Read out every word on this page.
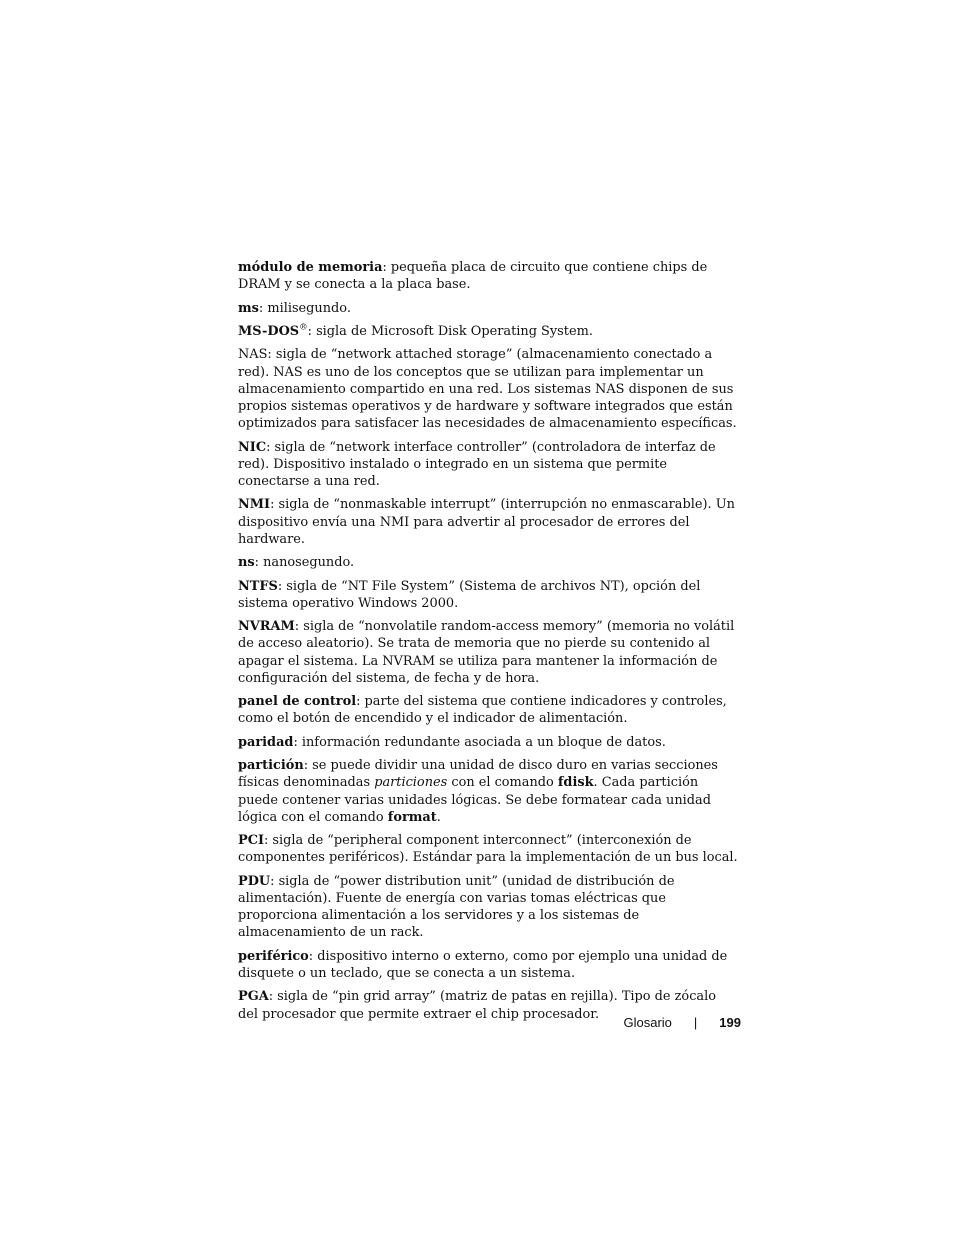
módulo de memoria: pequeña placa de circuito que contiene chips de DRAM y se conecta a la placa base.

ms: milisegundo.

MS-DOS®: sigla de Microsoft Disk Operating System.

NAS: sigla de “network attached storage” (almacenamiento conectado a red). NAS es uno de los conceptos que se utilizan para implementar un almacenamiento compartido en una red. Los sistemas NAS disponen de sus propios sistemas operativos y de hardware y software integrados que están optimizados para satisfacer las necesidades de almacenamiento específicas.

NIC: sigla de “network interface controller” (controladora de interfaz de red). Dispositivo instalado o integrado en un sistema que permite conectarse a una red.

NMI: sigla de “nonmaskable interrupt” (interrupción no enmascarable). Un dispositivo envía una NMI para advertir al procesador de errores del hardware.

ns: nanosegundo.

NTFS: sigla de “NT File System” (Sistema de archivos NT), opción del sistema operativo Windows 2000.

NVRAM: sigla de “nonvolatile random-access memory” (memoria no volátil de acceso aleatorio). Se trata de memoria que no pierde su contenido al apagar el sistema. La NVRAM se utiliza para mantener la información de configuración del sistema, de fecha y de hora.

panel de control: parte del sistema que contiene indicadores y controles, como el botón de encendido y el indicador de alimentación.

paridad: información redundante asociada a un bloque de datos.

partición: se puede dividir una unidad de disco duro en varias secciones físicas denominadas particiones con el comando fdisk. Cada partición puede contener varias unidades lógicas. Se debe formatear cada unidad lógica con el comando format.

PCI: sigla de “peripheral component interconnect” (interconexión de componentes periféricos). Estándar para la implementación de un bus local.

PDU: sigla de “power distribution unit” (unidad de distribución de alimentación). Fuente de energía con varias tomas eléctricas que proporciona alimentación a los servidores y a los sistemas de almacenamiento de un rack.

periférico: dispositivo interno o externo, como por ejemplo una unidad de disquete o un teclado, que se conecta a un sistema.

PGA: sigla de “pin grid array” (matriz de patas en rejilla). Tipo de zócalo del procesador que permite extraer el chip procesador.

Glosario | 199
